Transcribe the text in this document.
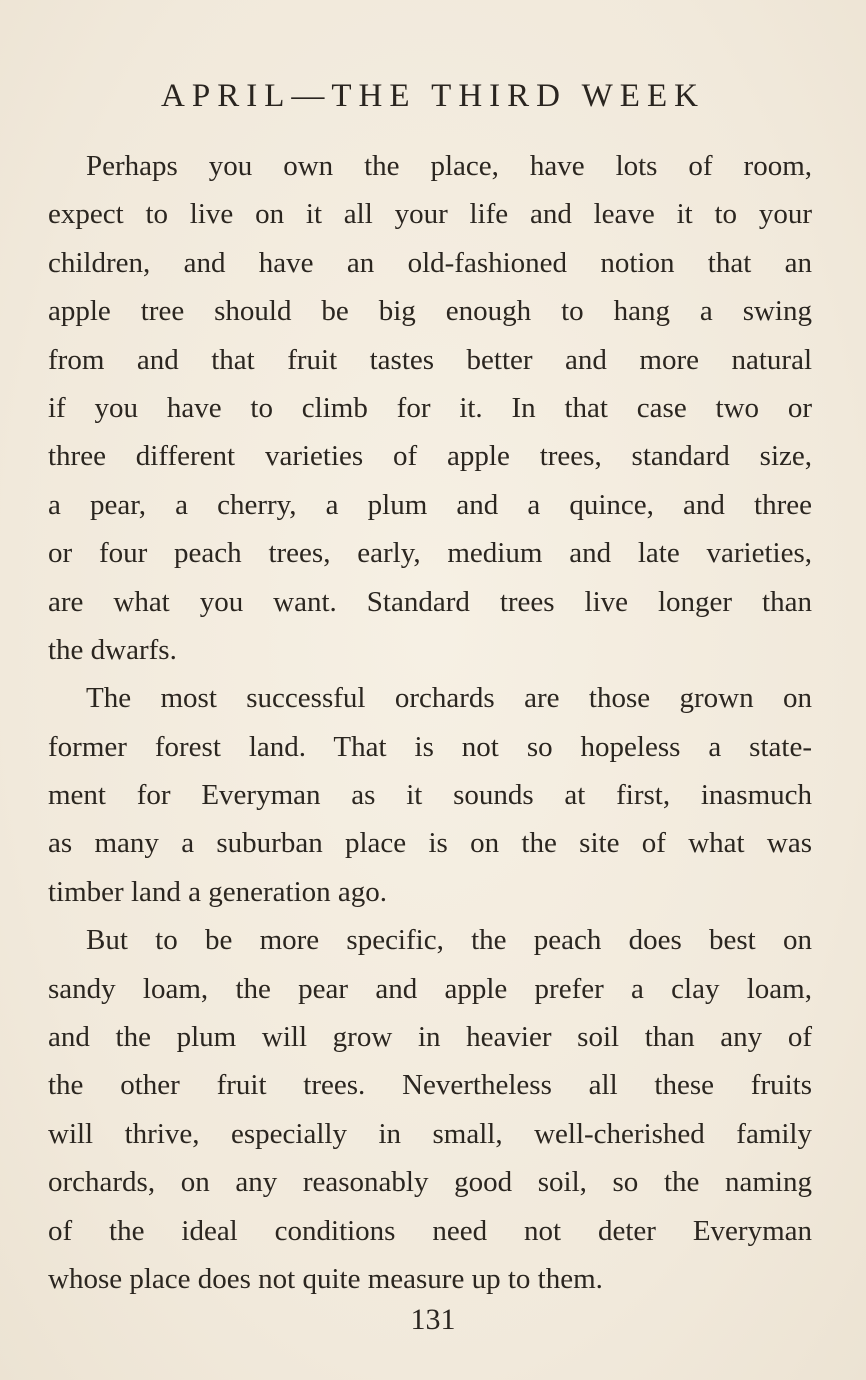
APRIL—THE THIRD WEEK
Perhaps you own the place, have lots of room,
expect to live on it all your life and leave it to your
children, and have an old-fashioned notion that an
apple tree should be big enough to hang a swing
from and that fruit tastes better and more natural
if you have to climb for it. In that case two or
three different varieties of apple trees, standard size,
a pear, a cherry, a plum and a quince, and three
or four peach trees, early, medium and late varieties,
are what you want. Standard trees live longer than
the dwarfs.
The most successful orchards are those grown on
former forest land. That is not so hopeless a state-
ment for Everyman as it sounds at first, inasmuch
as many a suburban place is on the site of what was
timber land a generation ago.
But to be more specific, the peach does best on
sandy loam, the pear and apple prefer a clay loam,
and the plum will grow in heavier soil than any of
the other fruit trees. Nevertheless all these fruits
will thrive, especially in small, well-cherished family
orchards, on any reasonably good soil, so the naming
of the ideal conditions need not deter Everyman
whose place does not quite measure up to them.
131
